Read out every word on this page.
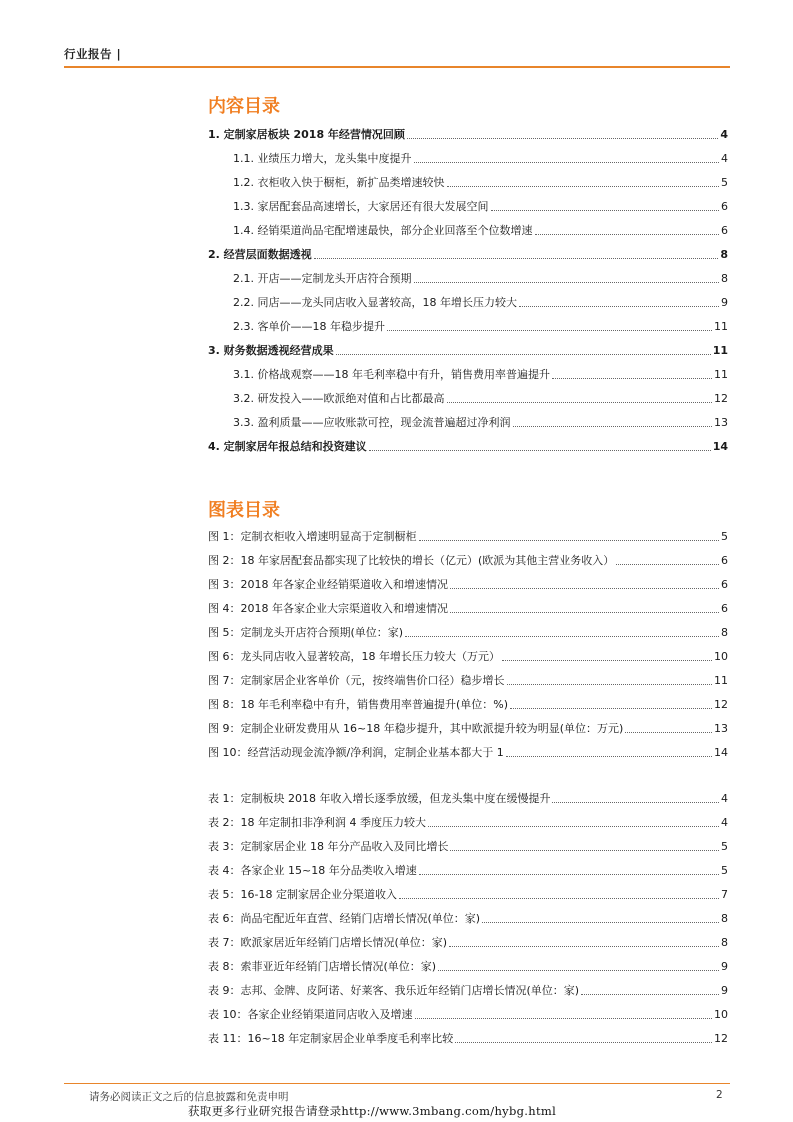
行业报告 |
内容目录
1. 定制家居板块 2018 年经营情况回顾	4
1.1. 业绩压力增大，龙头集中度提升	4
1.2. 衣柜收入快于橱柜，新扩品类增速较快	5
1.3. 家居配套品高速增长，大家居还有很大发展空间	6
1.4. 经销渠道尚品宅配增速最快，部分企业回落至个位数增速	6
2. 经营层面数据透视	8
2.1. 开店——定制龙头开店符合预期	8
2.2. 同店——龙头同店收入显著较高，18 年增长压力较大	9
2.3. 客单价——18 年稳步提升	11
3. 财务数据透视经营成果	11
3.1. 价格战观察——18 年毛利率稳中有升，销售费用率普遍提升	11
3.2. 研发投入——欧派绝对值和占比都最高	12
3.3. 盈利质量——应收账款可控，现金流普遍超过净利润	13
4. 定制家居年报总结和投资建议	14
图表目录
图 1：定制衣柜收入增速明显高于定制橱柜	5
图 2：18 年家居配套品都实现了比较快的增长（亿元）(欧派为其他主营业务收入）	6
图 3：2018 年各家企业经销渠道收入和增速情况	6
图 4：2018 年各家企业大宗渠道收入和增速情况	6
图 5：定制龙头开店符合预期(单位：家)	8
图 6：龙头同店收入显著较高，18 年增长压力较大（万元）	10
图 7：定制家居企业客单价（元，按终端售价口径）稳步增长	11
图 8：18 年毛利率稳中有升，销售费用率普遍提升(单位：%)	12
图 9：定制企业研发费用从 16~18 年稳步提升，其中欧派提升较为明显(单位：万元)	13
图 10：经营活动现金流净额/净利润，定制企业基本都大于 1	14
表 1：定制板块 2018 年收入增长逐季放缓，但龙头集中度在缓慢提升	4
表 2：18 年定制扣非净利润 4 季度压力较大	4
表 3：定制家居企业 18 年分产品收入及同比增长	5
表 4：各家企业 15~18 年分品类收入增速	5
表 5：16-18 定制家居企业分渠道收入	7
表 6：尚品宅配近年直营、经销门店增长情况(单位：家)	8
表 7：欧派家居近年经销门店增长情况(单位：家)	8
表 8：索菲亚近年经销门店增长情况(单位：家)	9
表 9：志邦、金牌、皮阿诺、好莱客、我乐近年经销门店增长情况(单位：家)	9
表 10：各家企业经销渠道同店收入及增速	10
表 11：16~18 年定制家居企业单季度毛利率比较	12
请务必阅读正文之后的信息披露和免责申明	2
获取更多行业研究报告请登录http://www.3mbang.com/hybg.html
